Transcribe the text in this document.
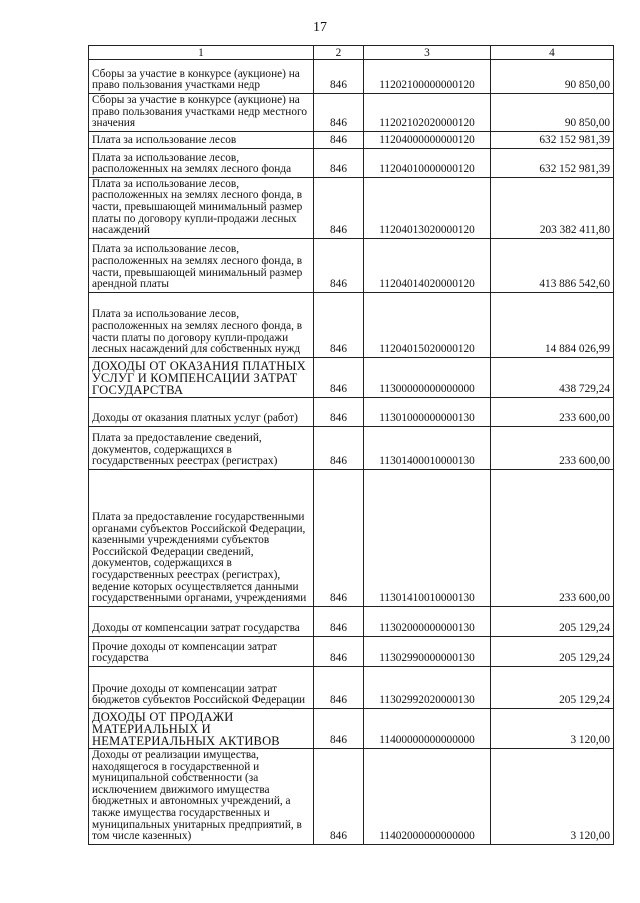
17
1	2	3	4
Сборы за участие в конкурсе (аукционе) на право пользования участками недр	846	11202100000000120	90 850,00
Сборы за участие в конкурсе (аукционе) на право пользования участками недр местного значения	846	11202102020000120	90 850,00
Плата за использование лесов	846	11204000000000120	632 152 981,39
Плата за использование лесов, расположенных на землях лесного фонда	846	11204010000000120	632 152 981,39
Плата за использование лесов, расположенных на землях лесного фонда, в части, превышающей минимальный размер платы по договору купли-продажи лесных насаждений	846	11204013020000120	203 382 411,80
Плата за использование лесов, расположенных на землях лесного фонда, в части, превышающей минимальный размер арендной платы	846	11204014020000120	413 886 542,60
Плата за использование лесов, расположенных на землях лесного фонда, в части платы по договору купли-продажи лесных насаждений для собственных нужд	846	11204015020000120	14 884 026,99
ДОХОДЫ ОТ ОКАЗАНИЯ ПЛАТНЫХ УСЛУГ И КОМПЕНСАЦИИ ЗАТРАТ ГОСУДАРСТВА	846	11300000000000000	438 729,24
Доходы от оказания платных услуг (работ)	846	11301000000000130	233 600,00
Плата за предоставление сведений, документов, содержащихся в государственных реестрах (регистрах)	846	11301400010000130	233 600,00
Плата за предоставление государственными органами субъектов Российской Федерации, казенными учреждениями субъектов Российской Федерации сведений, документов, содержащихся в государственных реестрах (регистрах), ведение которых осуществляется данными государственными органами, учреждениями	846	11301410010000130	233 600,00
Доходы от компенсации затрат государства	846	11302000000000130	205 129,24
Прочие доходы от компенсации затрат государства	846	11302990000000130	205 129,24
Прочие доходы от компенсации затрат бюджетов субъектов Российской Федерации	846	11302992020000130	205 129,24
ДОХОДЫ ОТ ПРОДАЖИ МАТЕРИАЛЬНЫХ И НЕМАТЕРИАЛЬНЫХ АКТИВОВ	846	11400000000000000	3 120,00
Доходы от реализации имущества, находящегося в государственной и муниципальной собственности (за исключением движимого имущества бюджетных и автономных учреждений, а также имущества государственных и муниципальных унитарных предприятий, в том числе казенных)	846	11402000000000000	3 120,00
